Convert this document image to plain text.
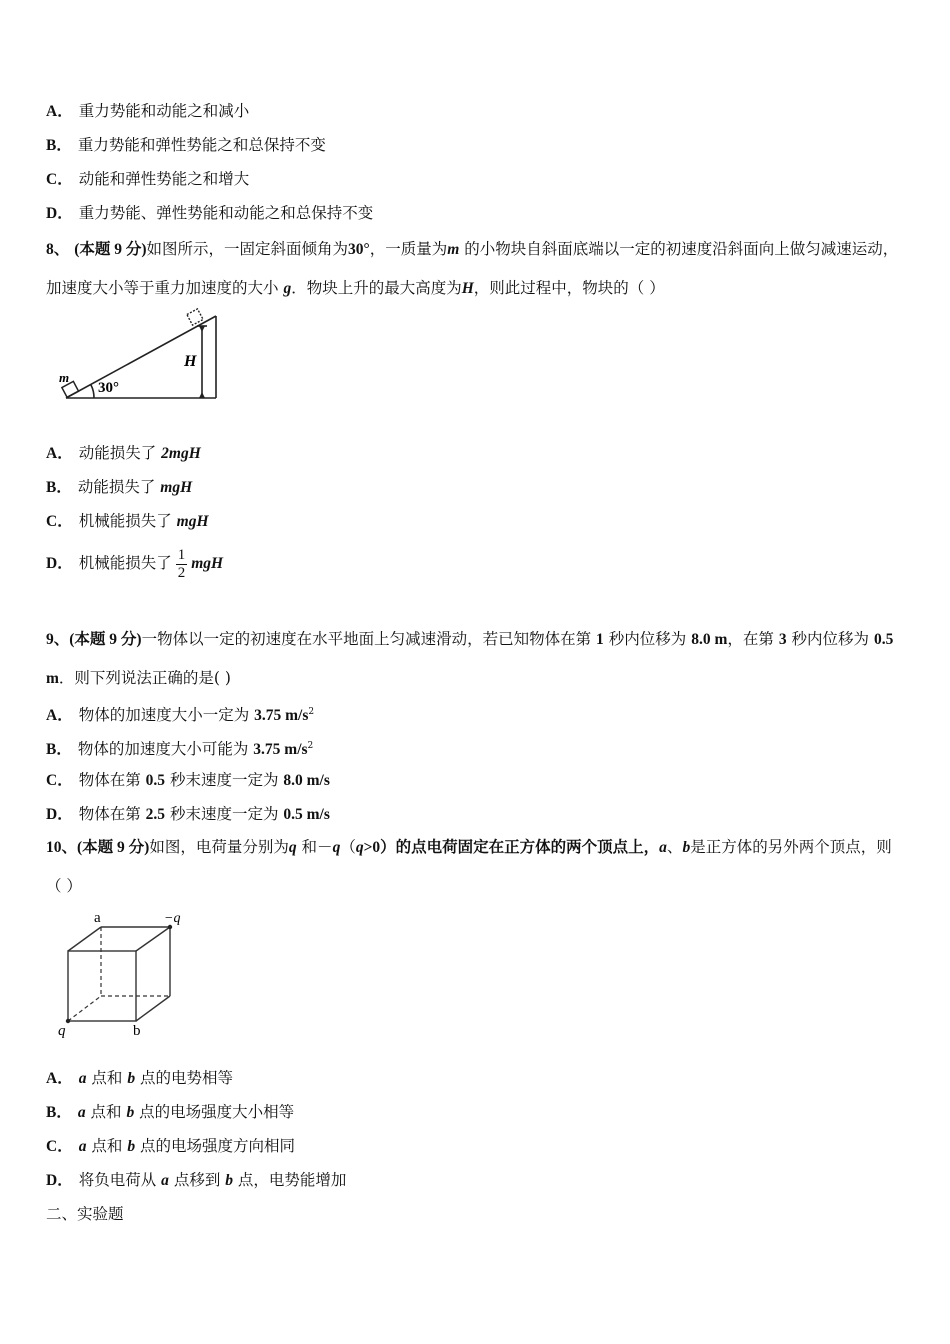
A． 重力势能和动能之和减小
B． 重力势能和弹性势能之和总保持不变
C． 动能和弹性势能之和增大
D． 重力势能、弹性势能和动能之和总保持不变
8、 (本题 9 分)如图所示，一固定斜面倾角为30°，一质量为m 的小物块自斜面底端以一定的初速度沿斜面向上做匀减速运动，加速度大小等于重力加速度的大小 g．物块上升的最大高度为H，则此过程中，物块的（ ）
m
30°
H
A． 动能损失了 2mgH
B． 动能损失了 mgH
C． 机械能损失了 mgH
D． 机械能损失了 $\frac{1}{2}$ mgH
9、(本题 9 分)一物体以一定的初速度在水平地面上匀减速滑动，若已知物体在第 1 秒内位移为 8.0 m，在第 3 秒内位移为 0.5 m．则下列说法正确的是( )
A． 物体的加速度大小一定为 3.75 $m/s^2$
B． 物体的加速度大小可能为 3.75 $m/s^2$
C． 物体在第 0.5 秒末速度一定为 8.0 m/s
D． 物体在第 2.5 秒末速度一定为 0.5 m/s
10、(本题 9 分)如图，电荷量分别为q 和－q（q>0）的点电荷固定在正方体的两个顶点上，a、b是正方体的另外两个顶点，则（ ）
a	−q
q	b
A． a 点和 b 点的电势相等
B． a 点和 b 点的电场强度大小相等
C． a 点和 b 点的电场强度方向相同
D． 将负电荷从 a 点移到 b 点，电势能增加
二、实验题
